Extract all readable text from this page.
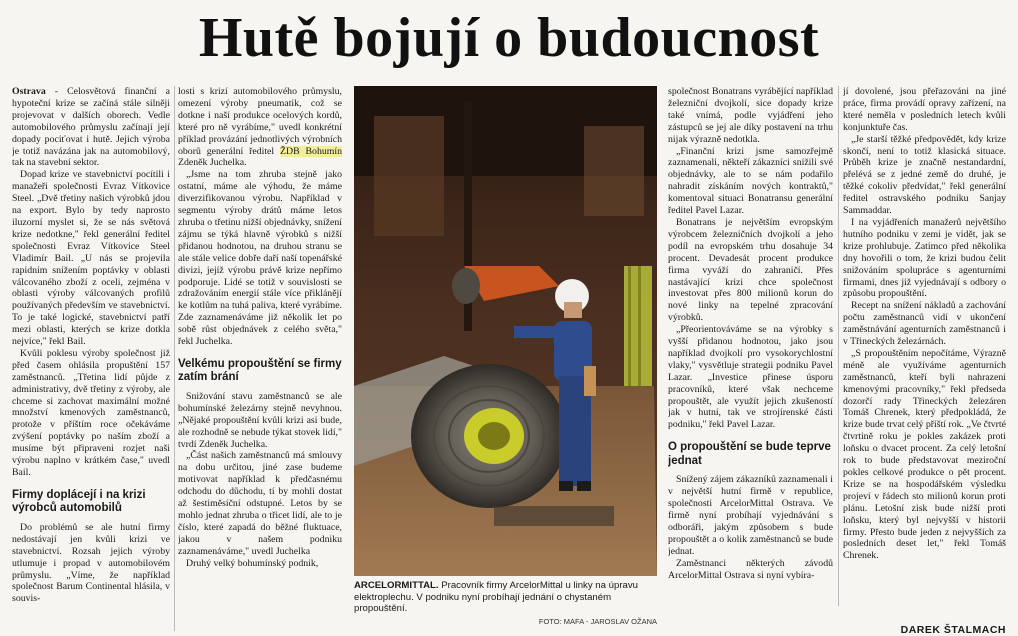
Hutě bojují o budoucnost

Ostrava - Celosvětová finanční a hypoteční krize se začíná stále silněji projevovat v dalších oborech. Vedle automobilového průmyslu začínají její dopady pociťovat i hutě. Jejich výroba je totiž navázána jak na automobilový, tak na stavební sektor.

Dopad krize ve stavebnictví pocítili i manažeři společnosti Evraz Vítkovice Steel. „Dvě třetiny našich výrobků jdou na export. Bylo by tedy naprosto iluzorní myslet si, že se nás světová krize nedotkne," řekl generální ředitel společnosti Evraz Vítkovice Steel Vladimír Bail. „U nás se projevila rapidním snížením poptávky v oblasti válcovaného zboží z oceli, zejména v oblasti výroby válcovaných profilů používaných především ve stavebnictví. To je také logické, stavebnictví patří mezi oblasti, kterých se krize dotkla nejvíce," řekl Bail.

Kvůli poklesu výroby společnost již před časem ohlásila propuštění 157 zaměstnanců. „Třetina lidí půjde z administrativy, dvě třetiny z výroby, ale chceme si zachovat maximální možné množství kmenových zaměstnanců, protože v příštím roce očekáváme zvýšení poptávky po naším zboží a musíme být připraveni rozjet naši výrobu naplno v krátkém čase," uvedl Bail.

Firmy doplácejí i na krizi výrobců automobilů

Do problémů se ale hutní firmy nedostávají jen kvůli krizi ve stavebnictví. Rozsah jejich výroby utlumuje i propad v automobilovém průmyslu. „Víme, že například společnost Barum Continental hlásila, v souvis-

losti s krizí automobilového průmyslu, omezení výroby pneumatik, což se dotkne i naší produkce ocelových kordů, které pro ně vyrábíme," uvedl konkrétní příklad provázání jednotlivých výrobních oborů generální ředitel ŽDB Bohumín Zdeněk Juchelka.

„Jsme na tom zhruba stejně jako ostatní, máme ale výhodu, že máme diverzifikovanou výrobu. Například v segmentu výroby drátů máme letos zhruba o třetinu nižší objednávky, snížení zájmu se týká hlavně výrobků s nižší přidanou hodnotou, na druhou stranu se ale stále velice dobře daří naší topenářské divizi, jejíž výrobu právě krize nepřímo podporuje. Lidé se totiž v souvislosti se zdražováním energií stále více přiklánějí ke kotlům na tuhá paliva, které vyrábíme. Zde zaznamenáváme již několik let po sobě růst objednávek z celého světa," řekl Juchelka.

Velkému propouštění se firmy zatím brání

Snižování stavu zaměstnanců se ale bohumínské železárny stejně nevyhnou. „Nějaké propouštění kvůli krizi asi bude, ale rozhodně se nebude týkat stovek lidí," tvrdí Zdeněk Juchelka.

„Část našich zaměstnanců má smlouvy na dobu určitou, jiné zase budeme motivovat například k předčasnému odchodu do důchodu, tí by mohli dostat až šestiměsíční odstupné. Letos by se mohlo jednat zhruba o třicet lidí, ale to je číslo, které zapadá do běžné fluktuace, jakou v našem podniku zaznamenáváme," uvedl Juchelka

Druhý velký bohumínský podnik,

ARCELORMITTAL. Pracovník firmy ArcelorMittal u linky na úpravu elektroplechu. V podniku nyní probíhají jednání o chystaném propouštění.
FOTO: MAFA - JAROSLAV OŽANA

společnost Bonatrans vyrábějící například železniční dvojkolí, sice dopady krize také vnímá, podle vyjádření jeho zástupců se jej ale díky postavení na trhu nijak výrazně nedotkla.

„Finanční krizi jsme samozřejmě zaznamenali, někteří zákazníci snížili své objednávky, ale to se nám podařilo nahradit získáním nových kontraktů," komentoval situaci Bonatransu generální ředitel Pavel Lazar.

Bonatrans je největším evropským výrobcem železničních dvojkolí a jeho podíl na evropském trhu dosahuje 34 procent. Devadesát procent produkce firma vyváží do zahraničí. Přes nastávající krizi chce společnost investovat přes 800 milionů korun do nové linky na tepelné zpracování výrobků.

„Přeorientováváme se na výrobky s vyšší přidanou hodnotou, jako jsou například dvojkolí pro vysokorychlostní vlaky," vysvětluje strategii podniku Pavel Lazar. „Investice přinese úsporu pracovníků, které však nechceme propouštět, ale využít jejich zkušeností jak v hutní, tak ve strojírenské části podniku," řekl Pavel Lazar.

O propouštění se bude teprve jednat

Snížený zájem zákazníků zaznamenali i v největší hutní firmě v republice, společnosti ArcelorMittal Ostrava. Ve firmě nyní probíhají vyjednávání s odboráři, jakým způsobem s bude propouštět a o kolik zaměstnanců se bude jednat.

Zaměstnanci některých závodů ArcelorMittal Ostrava si nyní vybíra-

jí dovolené, jsou přeřazováni na jiné práce, firma provádí opravy zařízení, na které neměla v posledních letech kvůli konjunktuře čas.

„Je starší těžké předpovědět, kdy krize skončí, není to totiž klasická situace. Průběh krize je značně nestandardní, přelévá se z jedné země do druhé, je těžké cokoliv předvídat," řekl generální ředitel ostravského podniku Sanjay Sammaddar.

I na vyjádřeních manažerů největšího hutního podniku v zemi je vidět, jak se krize prohlubuje. Zatímco před několika dny hovořili o tom, že krizi budou čelit snižováním spolupráce s agenturními firmami, dnes již vyjednávají s odbory o způsobu propouštění.

Recept na snížení nákladů a zachování počtu zaměstnanců vidí v ukončení zaměstnávání agenturních zaměstnanců i v Třineckých železárnách.

„S propouštěním nepočítáme, Výrazně méně ale využíváme agenturních zaměstnanců, kteří byli nahrazeni kmenovými pracovníky," řekl předseda dozorčí rady Třineckých železáren Tomáš Chrenek, který předpokládá, že krize bude trvat celý příští rok. „Ve čtvrté čtvrtině roku je pokles zakázek proti loňsku o dvacet procent. Za celý letošní rok to bude představovat meziroční pokles celkové produkce o pět procent. Krize se na hospodářském výsledku projeví v řádech sto milionů korun proti plánu. Letošní zisk bude nižší proti loňsku, který byl nejvyšší v historii firmy. Přesto bude jeden z nejvyšších za posledních deset let," řekl Tomáš Chrenek.

DAREK ŠTALMACH
